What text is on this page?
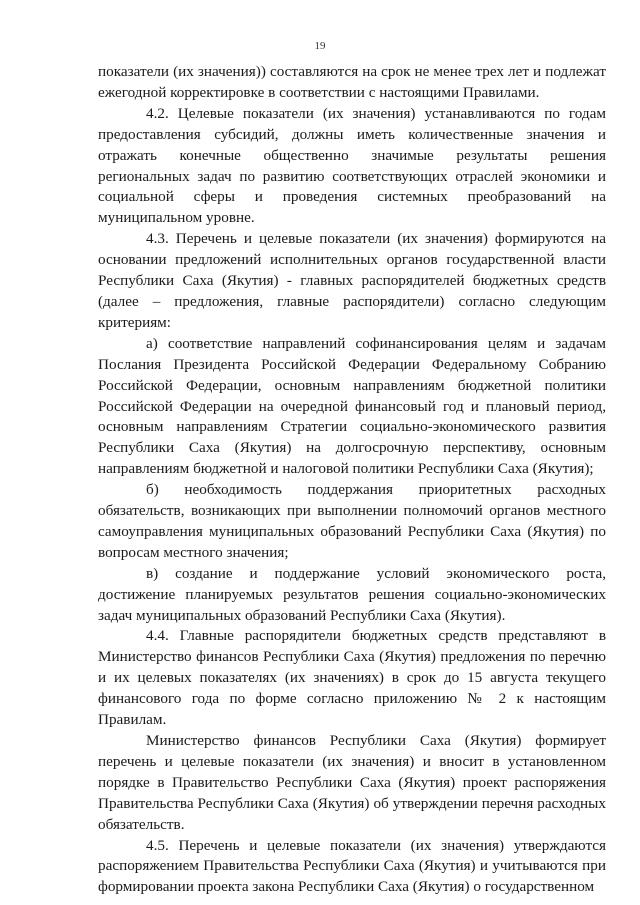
19

показатели (их значения)) составляются на срок не менее трех лет и подлежат ежегодной корректировке в соответствии с настоящими Правилами.

4.2. Целевые показатели (их значения) устанавливаются по годам предоставления субсидий, должны иметь количественные значения и отражать конечные общественно значимые результаты решения региональных задач по развитию соответствующих отраслей экономики и социальной сферы и проведения системных преобразований на муниципальном уровне.

4.3. Перечень и целевые показатели (их значения) формируются на основании предложений исполнительных органов государственной власти Республики Саха (Якутия) - главных распорядителей бюджетных средств (далее – предложения, главные распорядители) согласно следующим критериям:

а) соответствие направлений софинансирования целям и задачам Послания Президента Российской Федерации Федеральному Собранию Российской Федерации, основным направлениям бюджетной политики Российской Федерации на очередной финансовый год и плановый период, основным направлениям Стратегии социально-экономического развития Республики Саха (Якутия) на долгосрочную перспективу, основным направлениям бюджетной и налоговой политики Республики Саха (Якутия);

б) необходимость поддержания приоритетных расходных обязательств, возникающих при выполнении полномочий органов местного самоуправления муниципальных образований Республики Саха (Якутия) по вопросам местного значения;

в) создание и поддержание условий экономического роста, достижение планируемых результатов решения социально-экономических задач муниципальных образований Республики Саха (Якутия).

4.4. Главные распорядители бюджетных средств представляют в Министерство финансов Республики Саха (Якутия) предложения по перечню и их целевых показателях (их значениях) в срок до 15 августа текущего финансового года по форме согласно приложению № 2 к настоящим Правилам.

Министерство финансов Республики Саха (Якутия) формирует перечень и целевые показатели (их значения) и вносит в установленном порядке в Правительство Республики Саха (Якутия) проект распоряжения Правительства Республики Саха (Якутия) об утверждении перечня расходных обязательств.

4.5. Перечень и целевые показатели (их значения) утверждаются распоряжением Правительства Республики Саха (Якутия) и учитываются при формировании проекта закона Республики Саха (Якутия) о государственном
